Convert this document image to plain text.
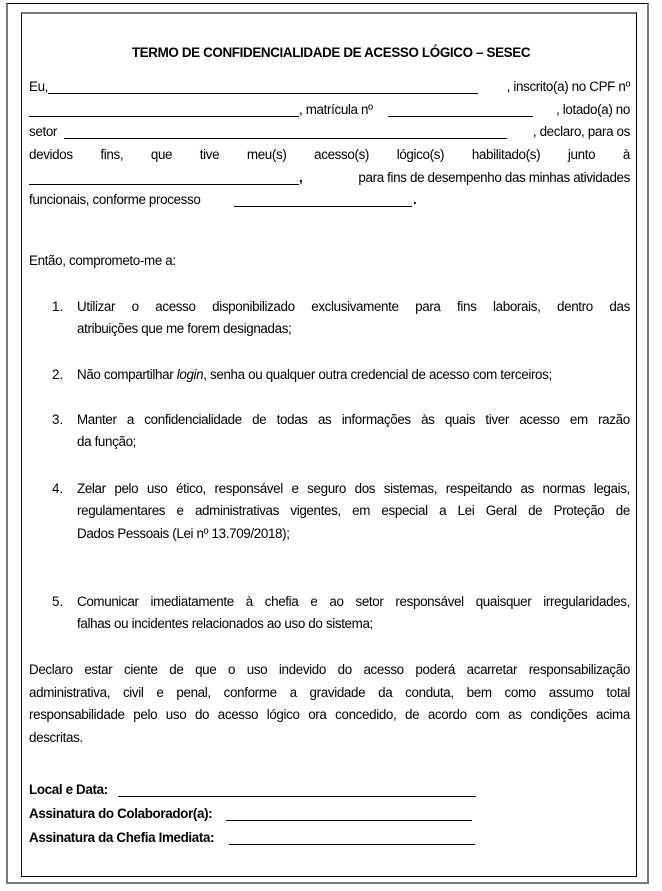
TERMO DE CONFIDENCIALIDADE DE ACESSO LÓGICO – SESEC
Eu,	, inscrito(a) no CPF nº
, matrícula nº	, lotado(a) no
setor	, declaro, para os
devidos fins, que tive meu(s) acesso(s) lógico(s) habilitado(s) junto à
,	para fins de desempenho das minhas atividades
funcionais, conforme processo	.
Então, comprometo-me a:
1. Utilizar o acesso disponibilizado exclusivamente para fins laborais, dentro das
atribuições que me forem designadas;
2. Não compartilhar login, senha ou qualquer outra credencial de acesso com terceiros;
3. Manter a confidencialidade de todas as informações às quais tiver acesso em razão
da função;
4. Zelar pelo uso ético, responsável e seguro dos sistemas, respeitando as normas legais,
regulamentares e administrativas vigentes, em especial a Lei Geral de Proteção de
Dados Pessoais (Lei nº 13.709/2018);
5. Comunicar imediatamente à chefia e ao setor responsável quaisquer irregularidades,
falhas ou incidentes relacionados ao uso do sistema;
Declaro estar ciente de que o uso indevido do acesso poderá acarretar responsabilização
administrativa, civil e penal, conforme a gravidade da conduta, bem como assumo total
responsabilidade pelo uso do acesso lógico ora concedido, de acordo com as condições acima
descritas.
Local e Data:
Assinatura do Colaborador(a):
Assinatura da Chefia Imediata:
